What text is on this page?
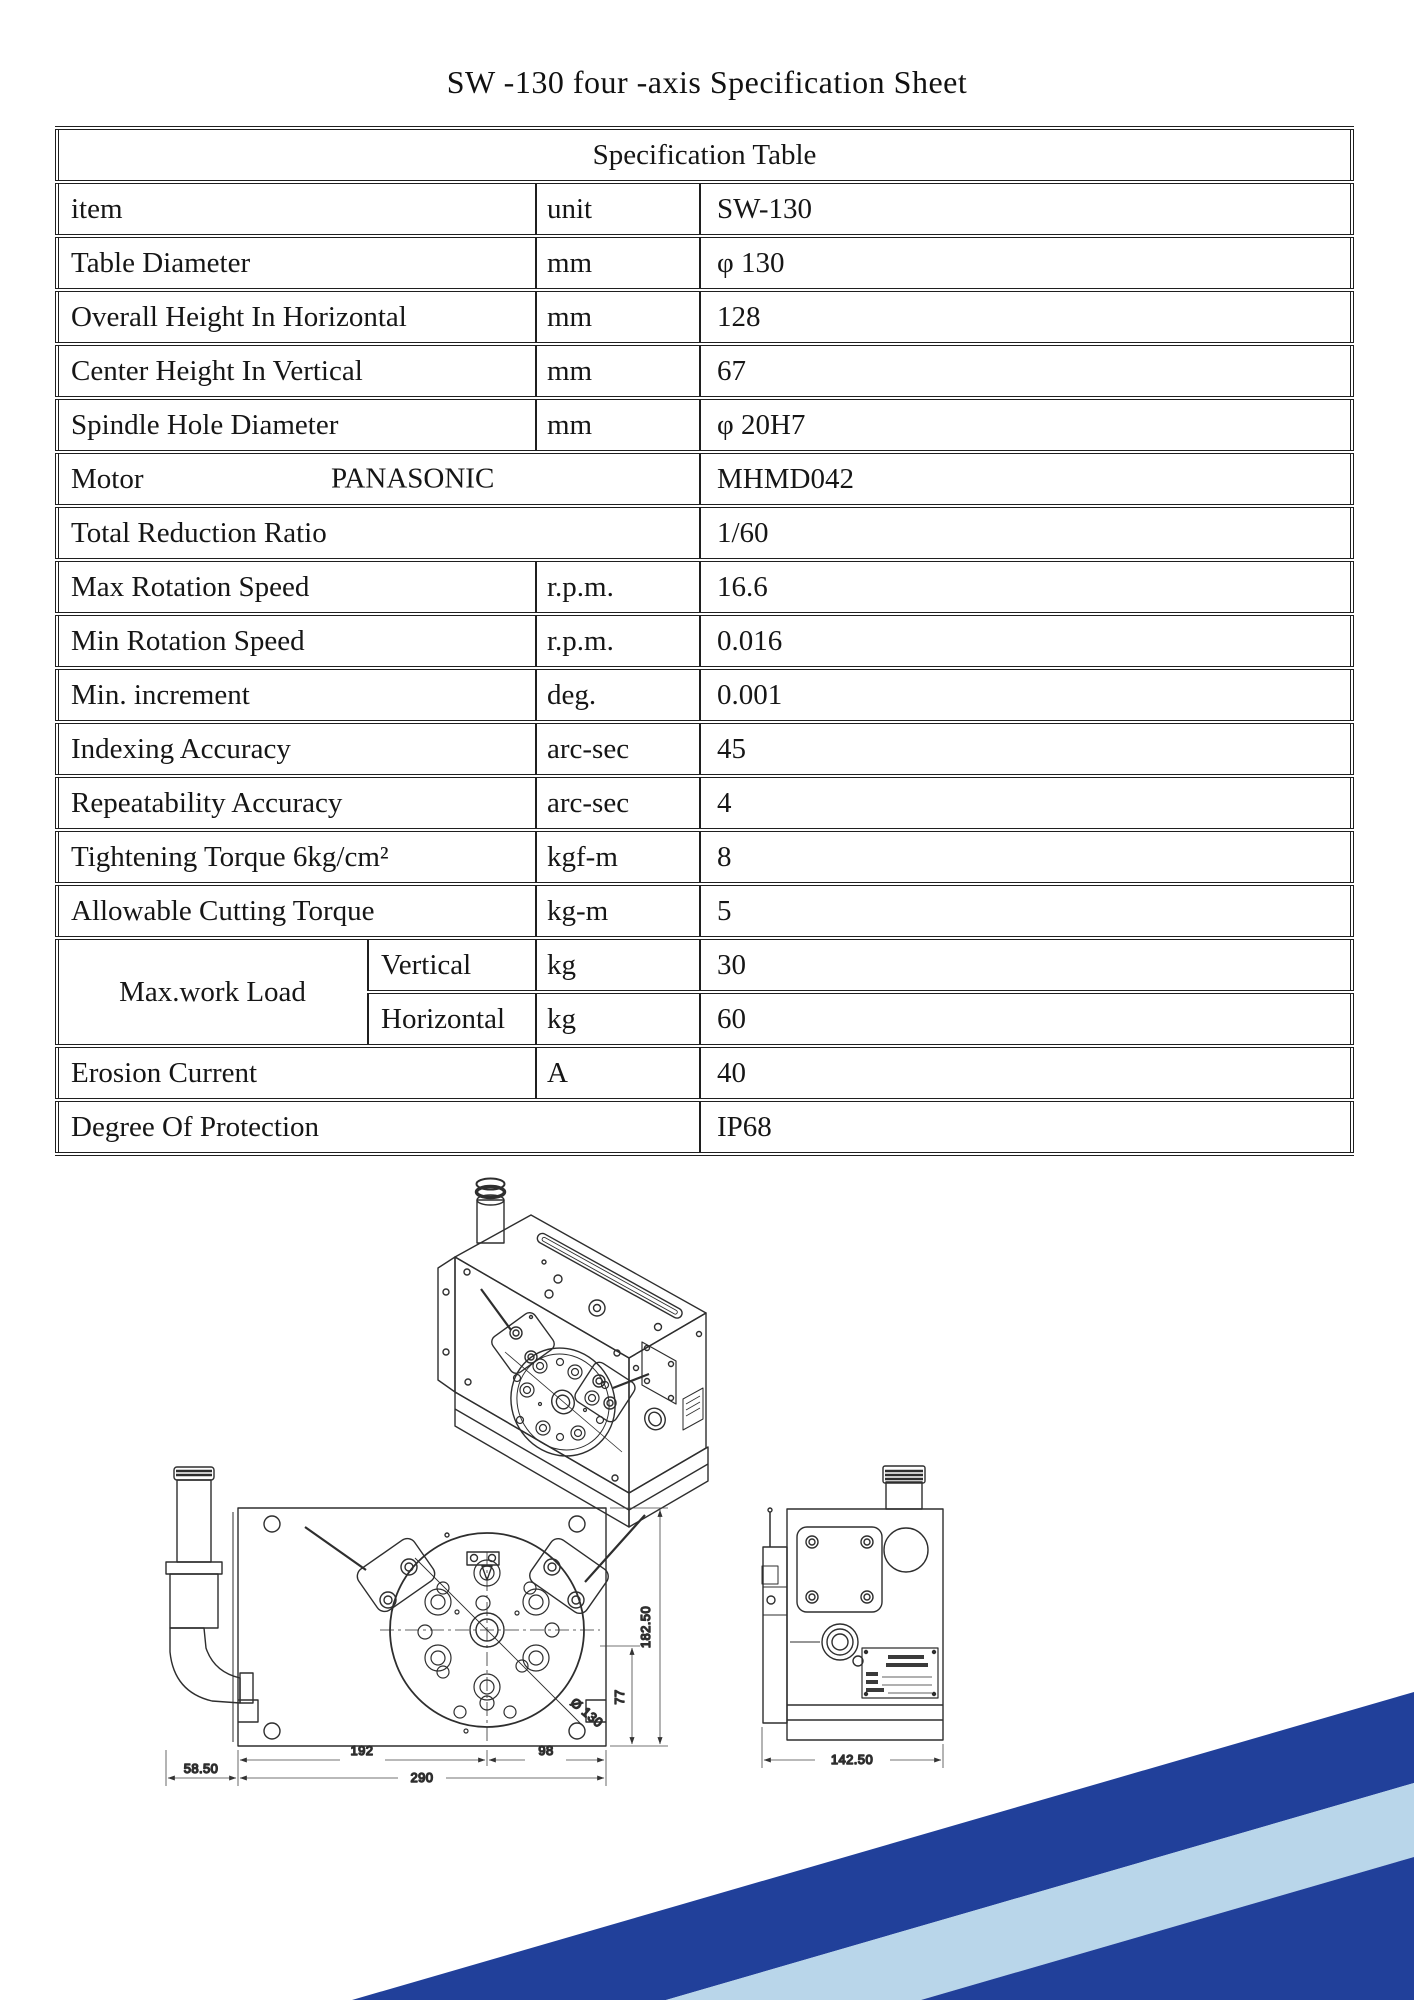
SW -130 four -axis Specification Sheet
Specification Table			
item		unit	SW-130
Table Diameter		mm	φ 130
Overall Height In Horizontal		mm	128
Center Height In Vertical		mm	67
Spindle Hole Diameter		mm	φ 20H7
Motor PANASONIC			MHMD042
Total Reduction Ratio			1/60
Max Rotation Speed		r.p.m.	16.6
Min Rotation Speed		r.p.m.	0.016
Min. increment		deg.	0.001
Indexing Accuracy		arc-sec	45
Repeatability Accuracy		arc-sec	4
Tightening Torque 6kg/cm²		kgf-m	8
Allowable Cutting Torque		kg-m	5
Max.work Load	Vertical	kg	30
	Horizontal	kg	60
Erosion Current		A	40
Degree Of Protection			IP68
182.50
77
Ø 130
192	98
290
58.50
142.50
